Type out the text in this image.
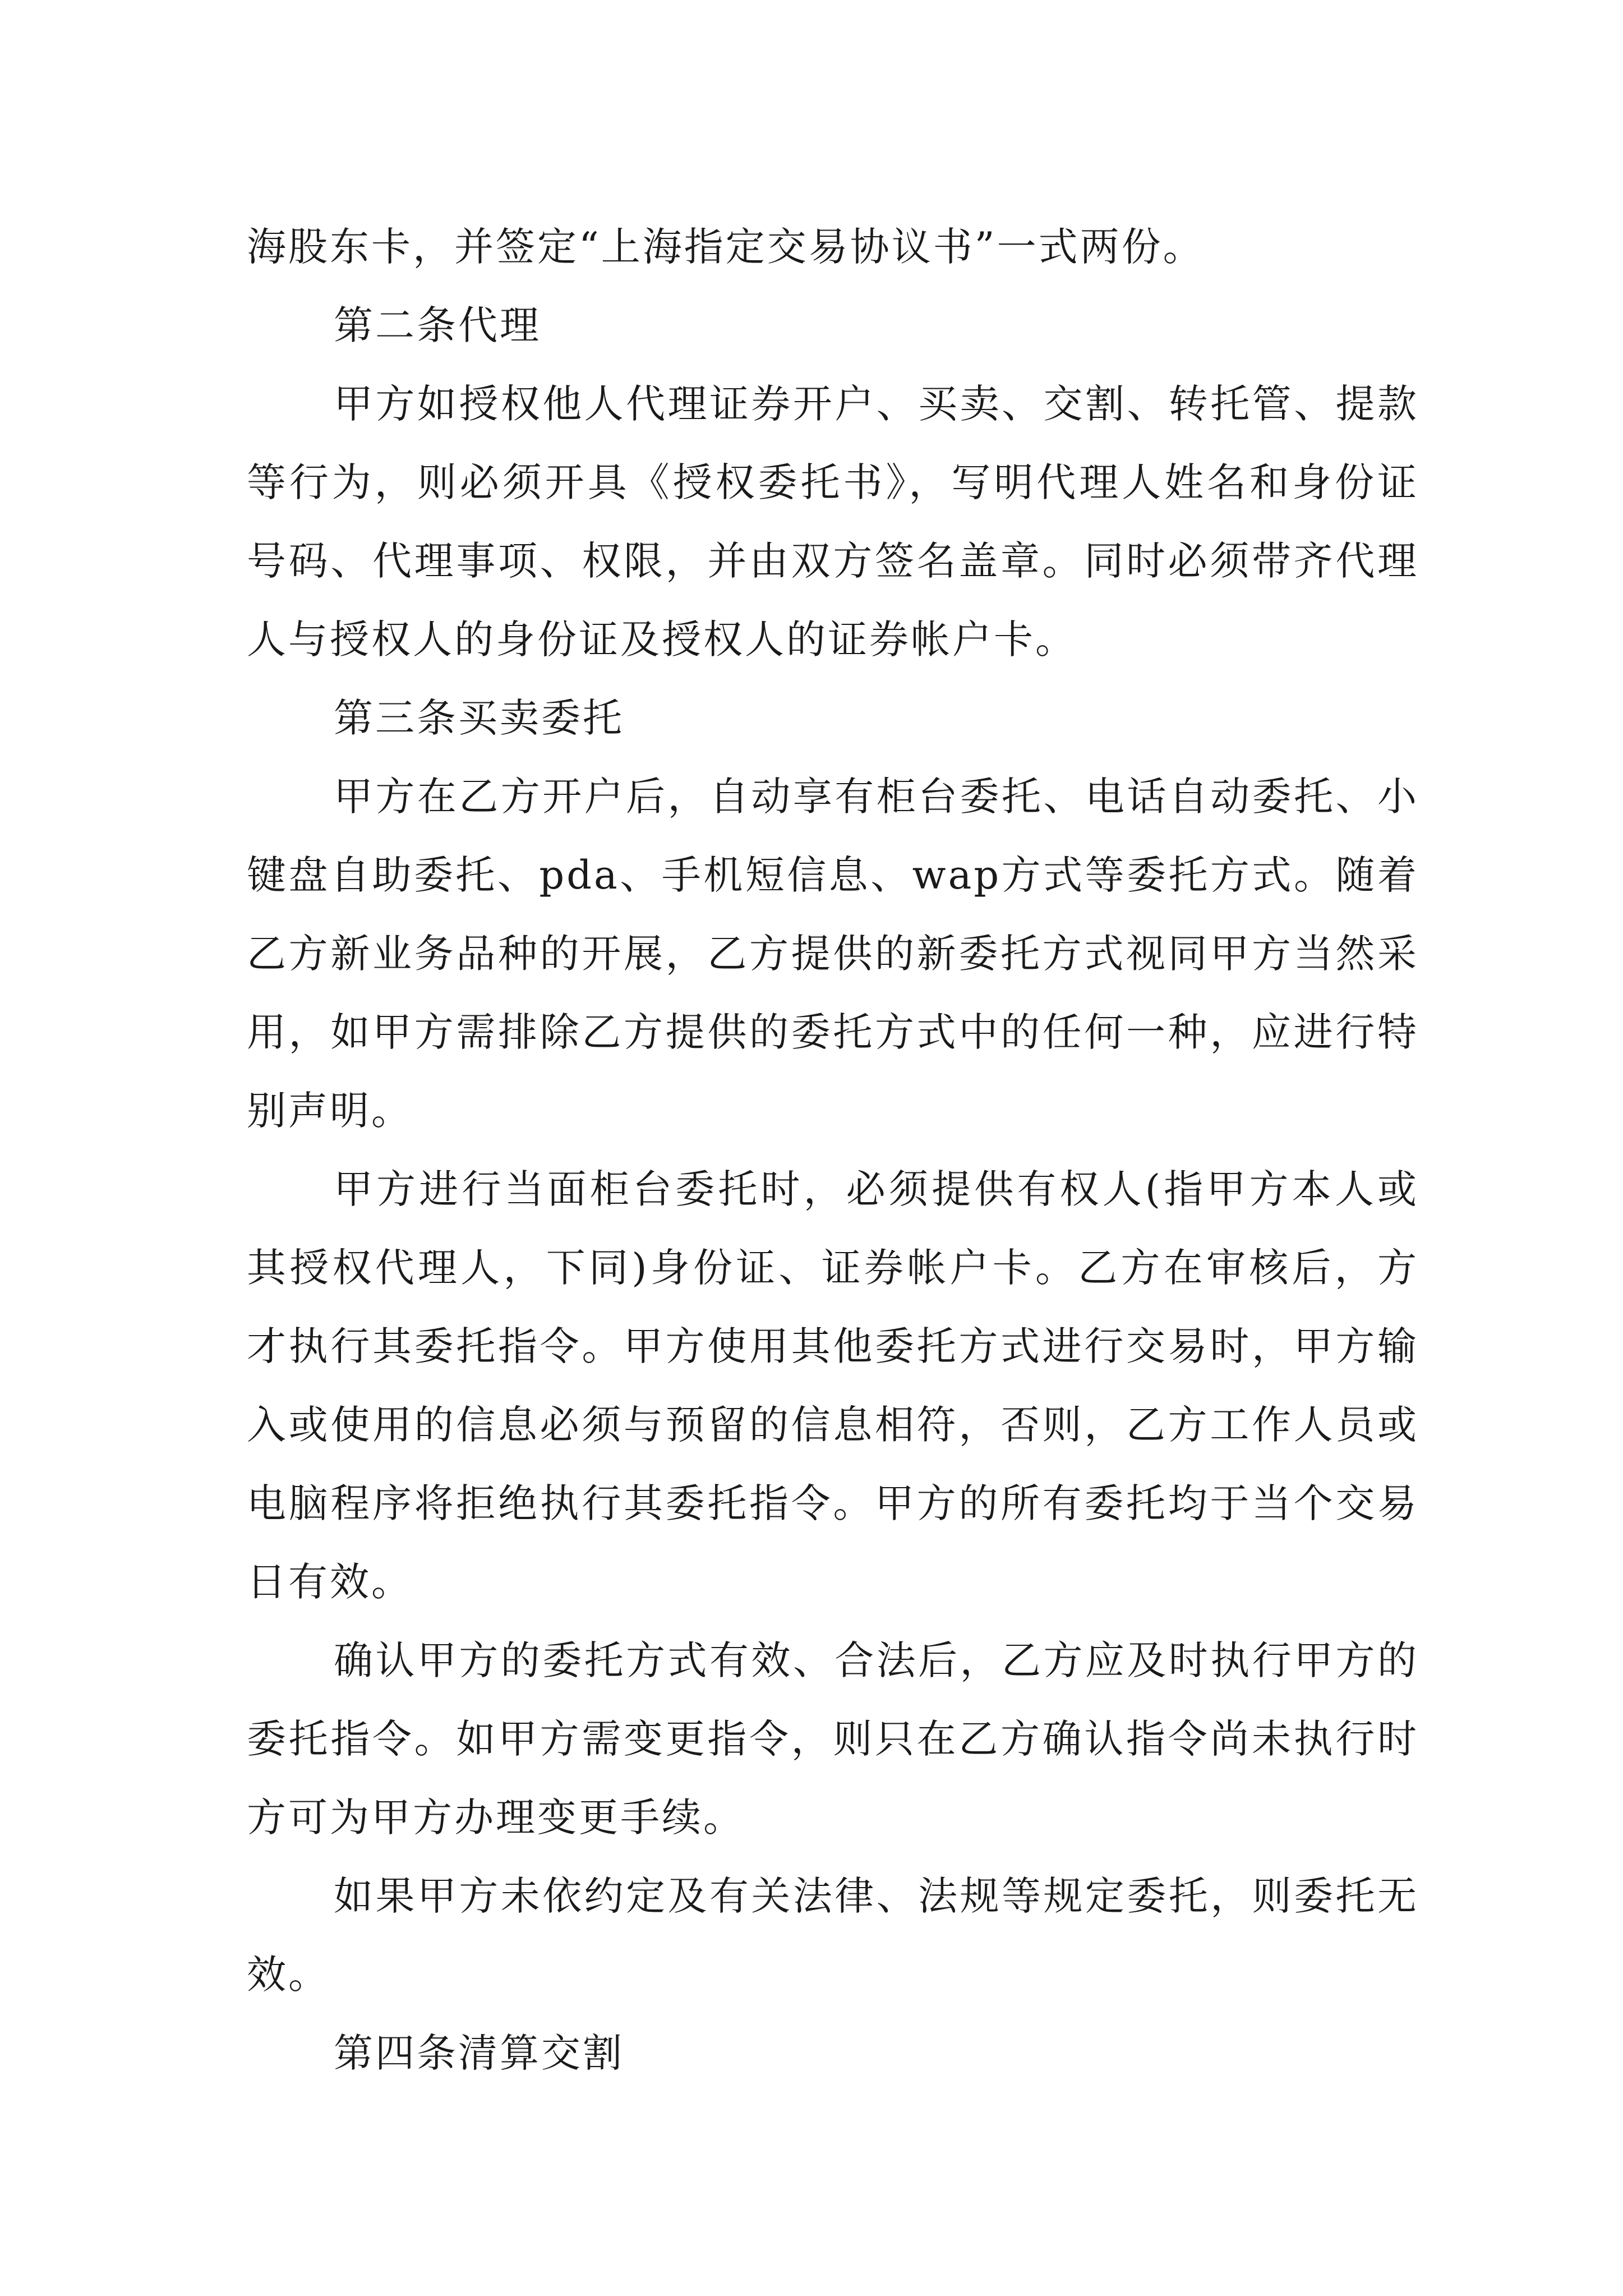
海股东卡，并签定“上海指定交易协议书”一式两份。

第二条代理

甲方如授权他人代理证券开户、买卖、交割、转托管、提款等行为，则必须开具《授权委托书》，写明代理人姓名和身份证号码、代理事项、权限，并由双方签名盖章。同时必须带齐代理人与授权人的身份证及授权人的证券帐户卡。

第三条买卖委托

甲方在乙方开户后，自动享有柜台委托、电话自动委托、小键盘自助委托、pda、手机短信息、wap方式等委托方式。随着乙方新业务品种的开展，乙方提供的新委托方式视同甲方当然采用，如甲方需排除乙方提供的委托方式中的任何一种，应进行特别声明。

甲方进行当面柜台委托时，必须提供有权人(指甲方本人或其授权代理人，下同)身份证、证券帐户卡。乙方在审核后，方才执行其委托指令。甲方使用其他委托方式进行交易时，甲方输入或使用的信息必须与预留的信息相符，否则，乙方工作人员或电脑程序将拒绝执行其委托指令。甲方的所有委托均于当个交易日有效。

确认甲方的委托方式有效、合法后，乙方应及时执行甲方的委托指令。如甲方需变更指令，则只在乙方确认指令尚未执行时方可为甲方办理变更手续。

如果甲方未依约定及有关法律、法规等规定委托，则委托无效。

第四条清算交割
